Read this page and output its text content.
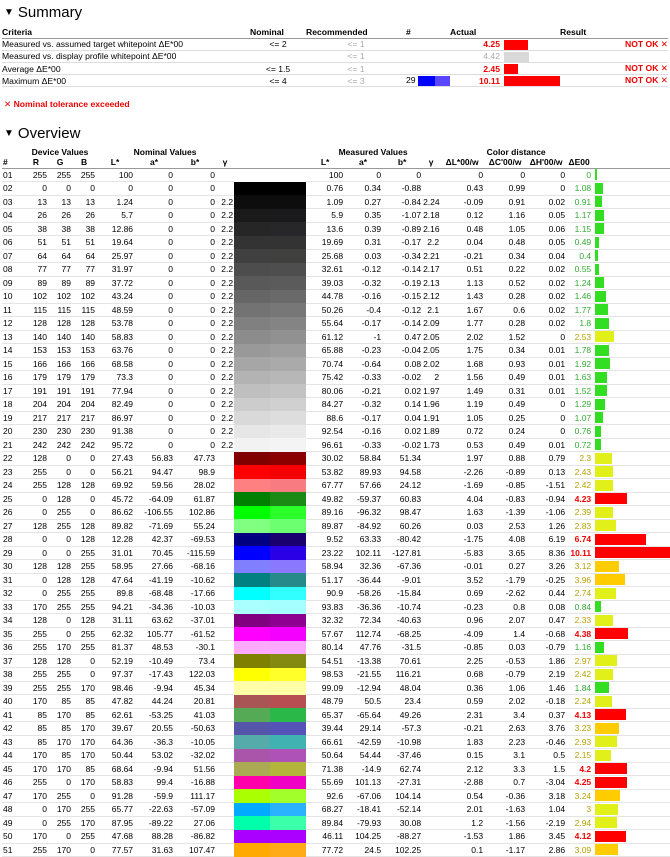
▼ Summary
Criteria	Nominal	Recommended	#	Actual		Result
Measured vs. assumed target whitepoint ΔE*00	<= 2	<= 1		4.25		NOT OK ✕
Measured vs. display profile whitepoint ΔE*00		<= 1		4.42		
Average ΔE*00	<= 1.5	<= 1		2.45		NOT OK ✕
Maximum ΔE*00	<= 4	<= 3	29	10.11		NOT OK ✕
✕ Nominal tolerance exceeded
▼ Overview
	Device Values			Nominal Values						Measured Values				Color distance				
#	R	G	B	L*	a*	b*	γ			L*	a*	b*	γ	ΔL*00/w	ΔC'00/w	ΔH'00/w	ΔE00	
01	255	255	255	100	0	0				100	0	0		0	0	0	0	

02	0	0	0	0	0	0				0.76	0.34	-0.88		0.43	0.99	0	1.08	

03	13	13	13	1.24	0	0	2.2			1.09	0.27	-0.84	2.24	-0.09	0.91	0.02	0.91	

04	26	26	26	5.7	0	0	2.2			5.9	0.35	-1.07	2.18	0.12	1.16	0.05	1.17	

05	38	38	38	12.86	0	0	2.2			13.6	0.39	-0.89	2.16	0.48	1.05	0.06	1.15	

06	51	51	51	19.64	0	0	2.2			19.69	0.31	-0.17	2.2	0.04	0.48	0.05	0.49	

07	64	64	64	25.97	0	0	2.2			25.68	0.03	-0.34	2.21	-0.21	0.34	0.04	0.4	

08	77	77	77	31.97	0	0	2.2			32.61	-0.12	-0.14	2.17	0.51	0.22	0.02	0.55	

09	89	89	89	37.72	0	0	2.2			39.03	-0.32	-0.19	2.13	1.13	0.52	0.02	1.24	

10	102	102	102	43.24	0	0	2.2			44.78	-0.16	-0.15	2.12	1.43	0.28	0.02	1.46	

11	115	115	115	48.59	0	0	2.2			50.26	-0.4	-0.12	2.1	1.67	0.6	0.02	1.77	

12	128	128	128	53.78	0	0	2.2			55.64	-0.17	-0.14	2.09	1.77	0.28	0.02	1.8	

13	140	140	140	58.83	0	0	2.2			61.12	-1	0.47	2.05	2.02	1.52	0	2.53	

14	153	153	153	63.76	0	0	2.2			65.88	-0.23	-0.04	2.05	1.75	0.34	0.01	1.78	

15	166	166	166	68.58	0	0	2.2			70.74	-0.64	0.08	2.02	1.68	0.93	0.01	1.92	

16	179	179	179	73.3	0	0	2.2			75.42	-0.33	-0.02	2	1.56	0.49	0.01	1.63	

17	191	191	191	77.94	0	0	2.2			80.06	-0.21	0.02	1.97	1.49	0.31	0.01	1.52	

18	204	204	204	82.49	0	0	2.2			84.27	-0.32	0.14	1.96	1.19	0.49	0	1.29	

19	217	217	217	86.97	0	0	2.2			88.6	-0.17	0.04	1.91	1.05	0.25	0	1.07	

20	230	230	230	91.38	0	0	2.2			92.54	-0.16	0.02	1.89	0.72	0.24	0	0.76	

21	242	242	242	95.72	0	0	2.2			96.61	-0.33	-0.02	1.73	0.53	0.49	0.01	0.72	

22	128	0	0	27.43	56.83	47.73				30.02	58.84	51.34		1.97	0.88	0.79	2.3	

23	255	0	0	56.21	94.47	98.9				53.82	89.93	94.58		-2.26	-0.89	0.13	2.43	

24	255	128	128	69.92	59.56	28.02				67.77	57.66	24.12		-1.69	-0.85	-1.51	2.42	

25	0	128	0	45.72	-64.09	61.87				49.82	-59.37	60.83		4.04	-0.83	-0.94	4.23	

26	0	255	0	86.62	-106.55	102.86				89.16	-96.32	98.47		1.63	-1.39	-1.06	2.39	

27	128	255	128	89.82	-71.69	55.24				89.87	-84.92	60.26		0.03	2.53	1.26	2.83	

28	0	0	128	12.28	42.37	-69.53				9.52	63.33	-80.42		-1.75	4.08	6.19	6.74	

29	0	0	255	31.01	70.45	-115.59				23.22	102.11	-127.81		-5.83	3.65	8.36	10.11	

30	128	128	255	58.95	27.66	-68.16				58.94	32.36	-67.36		-0.01	0.27	3.26	3.12	

31	0	128	128	47.64	-41.19	-10.62				51.17	-36.44	-9.01		3.52	-1.79	-0.25	3.96	

32	0	255	255	89.8	-68.48	-17.66				90.9	-58.26	-15.84		0.69	-2.62	0.44	2.74	

33	170	255	255	94.21	-34.36	-10.03				93.83	-36.36	-10.74		-0.23	0.8	0.08	0.84	

34	128	0	128	31.11	63.62	-37.01				32.32	72.34	-40.63		0.96	2.07	0.47	2.33	

35	255	0	255	62.32	105.77	-61.52				57.67	112.74	-68.25		-4.09	1.4	-0.68	4.38	

36	255	170	255	81.37	48.53	-30.1				80.14	47.76	-31.5		-0.85	0.03	-0.79	1.16	

37	128	128	0	52.19	-10.49	73.4				54.51	-13.38	70.61		2.25	-0.53	1.86	2.97	

38	255	255	0	97.37	-17.43	122.03				98.53	-21.55	116.21		0.68	-0.79	2.19	2.42	

39	255	255	170	98.46	-9.94	45.34				99.09	-12.94	48.04		0.36	1.06	1.46	1.84	

40	170	85	85	47.82	44.24	20.81				48.79	50.5	23.4		0.59	2.02	-0.18	2.24	

41	85	170	85	62.61	-53.25	41.03				65.37	-65.64	49.26		2.31	3.4	0.37	4.13	

42	85	85	170	39.67	20.55	-50.63				39.44	29.14	-57.3		-0.21	2.63	3.76	3.23	

43	85	170	170	64.36	-36.3	-10.05				66.61	-42.59	-10.98		1.83	2.23	-0.46	2.93	

44	170	85	170	50.44	53.02	-32.02				50.64	54.44	-37.46		0.15	3.1	0.5	2.15	

45	170	170	85	68.64	-9.94	51.56				71.38	-14.9	62.74		2.12	3.3	1.5	4.2	

46	255	0	170	58.83	99.4	-16.88				55.69	101.13	-27.31		-2.88	0.7	-3.04	4.25	

47	170	255	0	91.28	-59.9	111.17				92.6	-67.06	104.14		0.54	-0.36	3.18	3.24	

48	0	170	255	65.77	-22.63	-57.09				68.27	-18.41	-52.14		2.01	-1.63	1.04	3	

49	0	255	170	87.95	-89.22	27.06				89.84	-79.93	30.08		1.2	-1.56	-2.19	2.94	

50	170	0	255	47.68	88.28	-86.82				46.11	104.25	-88.27		-1.53	1.86	3.45	4.12	

51	255	170	0	77.57	31.63	107.47				77.72	24.5	102.25		0.1	-1.17	2.86	3.09	
